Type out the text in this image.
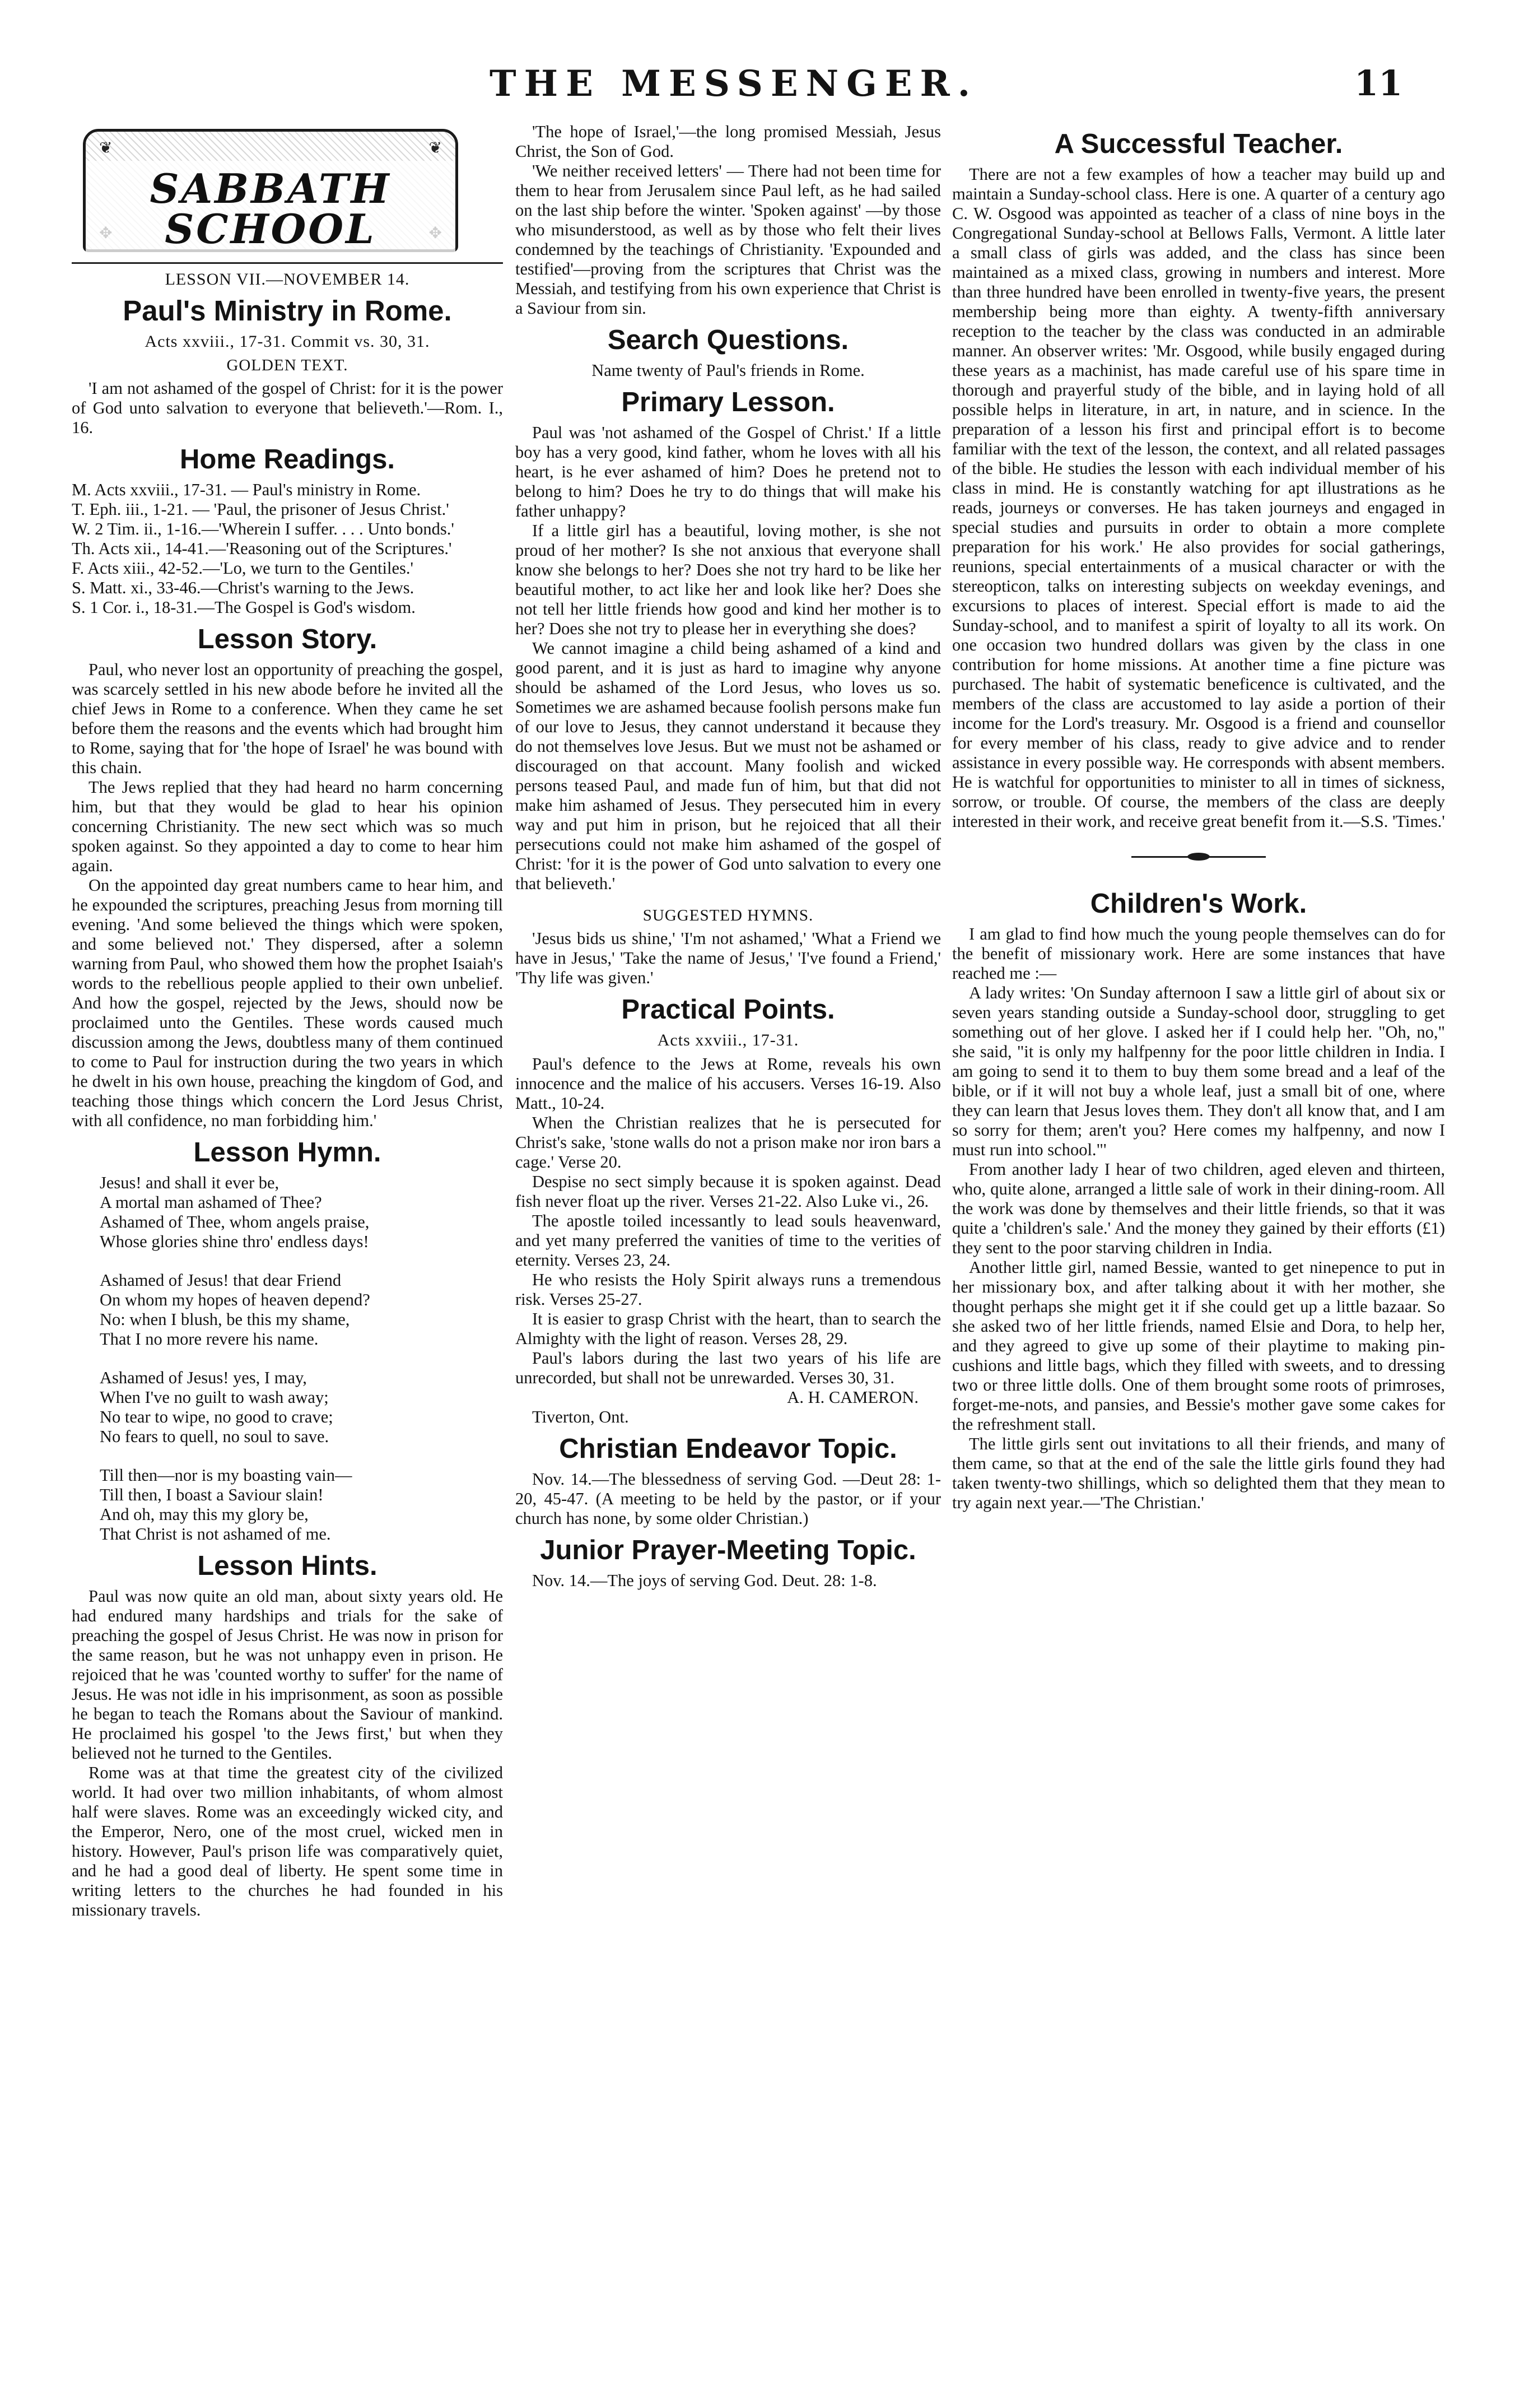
THE MESSENGER.	11
❦	❦
SABBATH SCHOOL
LESSON VII.—NOVEMBER 14.
Paul's Ministry in Rome.
Acts xxviii., 17-31. Commit vs. 30, 31.
GOLDEN TEXT.

'I am not ashamed of the gospel of Christ: for it is the power of God unto salvation to everyone that believeth.'—Rom. I., 16.

Home Readings.

M. Acts xxviii., 17-31. — Paul's ministry in Rome.

T. Eph. iii., 1-21. — 'Paul, the prisoner of Jesus Christ.'

W. 2 Tim. ii., 1-16.—'Wherein I suffer. . . . Unto bonds.'

Th. Acts xii., 14-41.—'Reasoning out of the Scriptures.'

F. Acts xiii., 42-52.—'Lo, we turn to the Gentiles.'

S. Matt. xi., 33-46.—Christ's warning to the Jews.

S. 1 Cor. i., 18-31.—The Gospel is God's wisdom.

Lesson Story.

Paul, who never lost an opportunity of preaching the gospel, was scarcely settled in his new abode before he invited all the chief Jews in Rome to a conference. When they came he set before them the reasons and the events which had brought him to Rome, saying that for 'the hope of Israel' he was bound with this chain.

The Jews replied that they had heard no harm concerning him, but that they would be glad to hear his opinion concerning Christianity. The new sect which was so much spoken against. So they appointed a day to come to hear him again.

On the appointed day great numbers came to hear him, and he expounded the scriptures, preaching Jesus from morning till evening. 'And some believed the things which were spoken, and some believed not.' They dispersed, after a solemn warning from Paul, who showed them how the prophet Isaiah's words to the rebellious people applied to their own unbelief. And how the gospel, rejected by the Jews, should now be proclaimed unto the Gentiles. These words caused much discussion among the Jews, doubtless many of them continued to come to Paul for instruction during the two years in which he dwelt in his own house, preaching the kingdom of God, and teaching those things which concern the Lord Jesus Christ, with all confidence, no man forbidding him.'

Lesson Hymn.
Jesus! and shall it ever be,
A mortal man ashamed of Thee?
Ashamed of Thee, whom angels praise,
Whose glories shine thro' endless days!
Ashamed of Jesus! that dear Friend
On whom my hopes of heaven depend?
No: when I blush, be this my shame,
That I no more revere his name.
Ashamed of Jesus! yes, I may,
When I've no guilt to wash away;
No tear to wipe, no good to crave;
No fears to quell, no soul to save.
Till then—nor is my boasting vain—
Till then, I boast a Saviour slain!
And oh, may this my glory be,
That Christ is not ashamed of me.
Lesson Hints.

Paul was now quite an old man, about sixty years old. He had endured many hardships and trials for the sake of preaching the gospel of Jesus Christ. He was now in prison for the same reason, but he was not unhappy even in prison. He rejoiced that he was 'counted worthy to suffer' for the name of Jesus. He was not idle in his imprisonment, as soon as possible he began to teach the Romans about the Saviour of mankind. He proclaimed his gospel 'to the Jews first,' but when they believed not he turned to the Gentiles.

Rome was at that time the greatest city of the civilized world. It had over two million inhabitants, of whom almost half were slaves. Rome was an exceedingly wicked city, and the Emperor, Nero, one of the most cruel, wicked men in history. However, Paul's prison life was comparatively quiet, and he had a good deal of liberty. He spent some time in writing letters to the churches he had founded in his missionary travels.

'The hope of Israel,'—the long promised Messiah, Jesus Christ, the Son of God.

'We neither received letters' — There had not been time for them to hear from Jerusalem since Paul left, as he had sailed on the last ship before the winter. 'Spoken against' —by those who misunderstood, as well as by those who felt their lives condemned by the teachings of Christianity. 'Expounded and testified'—proving from the scriptures that Christ was the Messiah, and testifying from his own experience that Christ is a Saviour from sin.

Search Questions.

Name twenty of Paul's friends in Rome.

Primary Lesson.

Paul was 'not ashamed of the Gospel of Christ.' If a little boy has a very good, kind father, whom he loves with all his heart, is he ever ashamed of him? Does he pretend not to belong to him? Does he try to do things that will make his father unhappy?

If a little girl has a beautiful, loving mother, is she not proud of her mother? Is she not anxious that everyone shall know she belongs to her? Does she not try hard to be like her beautiful mother, to act like her and look like her? Does she not tell her little friends how good and kind her mother is to her? Does she not try to please her in everything she does?

We cannot imagine a child being ashamed of a kind and good parent, and it is just as hard to imagine why anyone should be ashamed of the Lord Jesus, who loves us so. Sometimes we are ashamed because foolish persons make fun of our love to Jesus, they cannot understand it because they do not themselves love Jesus. But we must not be ashamed or discouraged on that account. Many foolish and wicked persons teased Paul, and made fun of him, but that did not make him ashamed of Jesus. They persecuted him in every way and put him in prison, but he rejoiced that all their persecutions could not make him ashamed of the gospel of Christ: 'for it is the power of God unto salvation to every one that believeth.'

SUGGESTED HYMNS.

'Jesus bids us shine,' 'I'm not ashamed,' 'What a Friend we have in Jesus,' 'Take the name of Jesus,' 'I've found a Friend,' 'Thy life was given.'

Practical Points.
Acts xxviii., 17-31.

Paul's defence to the Jews at Rome, reveals his own innocence and the malice of his accusers. Verses 16-19. Also Matt., 10-24.

When the Christian realizes that he is persecuted for Christ's sake, 'stone walls do not a prison make nor iron bars a cage.' Verse 20.

Despise no sect simply because it is spoken against. Dead fish never float up the river. Verses 21-22. Also Luke vi., 26.

The apostle toiled incessantly to lead souls heavenward, and yet many preferred the vanities of time to the verities of eternity. Verses 23, 24.

He who resists the Holy Spirit always runs a tremendous risk. Verses 25-27.

It is easier to grasp Christ with the heart, than to search the Almighty with the light of reason. Verses 28, 29.

Paul's labors during the last two years of his life are unrecorded, but shall not be unrewarded. Verses 30, 31.

A. H. CAMERON.

Tiverton, Ont.

Christian Endeavor Topic.

Nov. 14.—The blessedness of serving God. —Deut 28: 1-20, 45-47. (A meeting to be held by the pastor, or if your church has none, by some older Christian.)

Junior Prayer-Meeting Topic.

Nov. 14.—The joys of serving God. Deut. 28: 1-8.

A Successful Teacher.

There are not a few examples of how a teacher may build up and maintain a Sunday-school class. Here is one. A quarter of a century ago C. W. Osgood was appointed as teacher of a class of nine boys in the Congregational Sunday-school at Bellows Falls, Vermont. A little later a small class of girls was added, and the class has since been maintained as a mixed class, growing in numbers and interest. More than three hundred have been enrolled in twenty-five years, the present membership being more than eighty. A twenty-fifth anniversary reception to the teacher by the class was conducted in an admirable manner. An observer writes: 'Mr. Osgood, while busily engaged during these years as a machinist, has made careful use of his spare time in thorough and prayerful study of the bible, and in laying hold of all possible helps in literature, in art, in nature, and in science. In the preparation of a lesson his first and principal effort is to become familiar with the text of the lesson, the context, and all related passages of the bible. He studies the lesson with each individual member of his class in mind. He is constantly watching for apt illustrations as he reads, journeys or converses. He has taken journeys and engaged in special studies and pursuits in order to obtain a more complete preparation for his work.' He also provides for social gatherings, reunions, special entertainments of a musical character or with the stereopticon, talks on interesting subjects on weekday evenings, and excursions to places of interest. Special effort is made to aid the Sunday-school, and to manifest a spirit of loyalty to all its work. On one occasion two hundred dollars was given by the class in one contribution for home missions. At another time a fine picture was purchased. The habit of systematic beneficence is cultivated, and the members of the class are accustomed to lay aside a portion of their income for the Lord's treasury. Mr. Osgood is a friend and counsellor for every member of his class, ready to give advice and to render assistance in every possible way. He corresponds with absent members. He is watchful for opportunities to minister to all in times of sickness, sorrow, or trouble. Of course, the members of the class are deeply interested in their work, and receive great benefit from it.—S.S. 'Times.'

Children's Work.

I am glad to find how much the young people themselves can do for the benefit of missionary work. Here are some instances that have reached me :—

A lady writes: 'On Sunday afternoon I saw a little girl of about six or seven years standing outside a Sunday-school door, struggling to get something out of her glove. I asked her if I could help her. "Oh, no," she said, "it is only my halfpenny for the poor little children in India. I am going to send it to them to buy them some bread and a leaf of the bible, or if it will not buy a whole leaf, just a small bit of one, where they can learn that Jesus loves them. They don't all know that, and I am so sorry for them; aren't you? Here comes my halfpenny, and now I must run into school."'

From another lady I hear of two children, aged eleven and thirteen, who, quite alone, arranged a little sale of work in their dining-room. All the work was done by themselves and their little friends, so that it was quite a 'children's sale.' And the money they gained by their efforts (£1) they sent to the poor starving children in India.

Another little girl, named Bessie, wanted to get ninepence to put in her missionary box, and after talking about it with her mother, she thought perhaps she might get it if she could get up a little bazaar. So she asked two of her little friends, named Elsie and Dora, to help her, and they agreed to give up some of their playtime to making pin-cushions and little bags, which they filled with sweets, and to dressing two or three little dolls. One of them brought some roots of primroses, forget-me-nots, and pansies, and Bessie's mother gave some cakes for the refreshment stall.

The little girls sent out invitations to all their friends, and many of them came, so that at the end of the sale the little girls found they had taken twenty-two shillings, which so delighted them that they mean to try again next year.—'The Christian.'
